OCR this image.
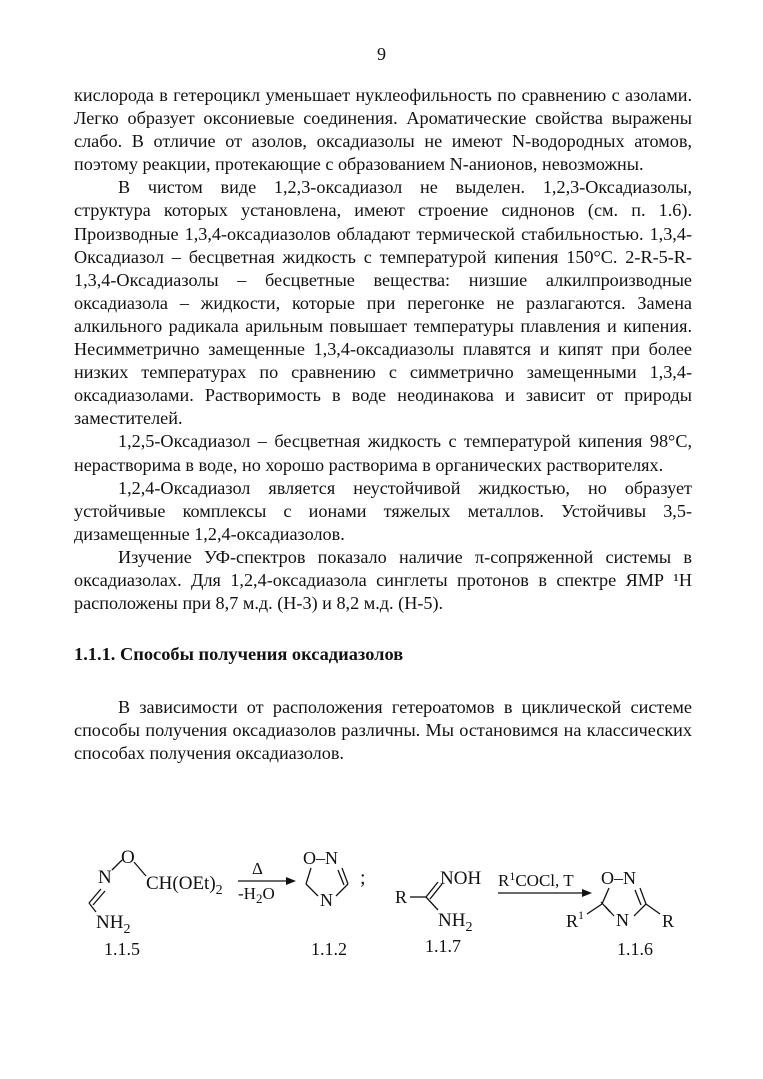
9

кислорода в гетероцикл уменьшает нуклеофильность по сравнению с азолами. Легко образует оксониевые соединения. Ароматические свойства выражены слабо. В отличие от азолов, оксадиазолы не имеют N-водородных атомов, поэтому реакции, протекающие с образованием N-анионов, невозможны.

В чистом виде 1,2,3-оксадиазол не выделен. 1,2,3-Оксадиазолы, структура которых установлена, имеют строение сиднонов (см. п. 1.6). Производные 1,3,4-оксадиазолов обладают термической стабильностью. 1,3,4-Оксадиазол – бесцветная жидкость с температурой кипения 150°С. 2-R-5-R-1,3,4-Оксадиазолы – бесцветные вещества: низшие алкилпроизводные оксадиазола – жидкости, которые при перегонке не разлагаются. Замена алкильного радикала арильным повышает температуры плавления и кипения. Несимметрично замещенные 1,3,4-оксадиазолы плавятся и кипят при более низких температурах по сравнению с симметрично замещенными 1,3,4-оксадиазолами. Растворимость в воде неодинакова и зависит от природы заместителей.

1,2,5-Оксадиазол – бесцветная жидкость с температурой кипения 98°С, нерастворима в воде, но хорошо растворима в органических растворителях.

1,2,4-Оксадиазол является неустойчивой жидкостью, но образует устойчивые комплексы с ионами тяжелых металлов. Устойчивы 3,5-дизамещенные 1,2,4-оксадиазолов.

Изучение УФ-спектров показало наличие π-сопряженной системы в оксадиазолах. Для 1,2,4-оксадиазола синглеты протонов в спектре ЯМР ¹Н расположены при 8,7 м.д. (Н-3) и 8,2 м.д. (Н-5).

1.1.1. Способы получения оксадиазолов

В зависимости от расположения гетероатомов в циклической системе способы получения оксадиазолов различны. Мы остановимся на классических способах получения оксадиазолов.

O
N $CH(OEt)_2$
$NH_2$
1.1.5
Δ
$-H_2O$
O–N
N
1.1.2
;
R
NOH
$NH_2$
1.1.7
$R^1COCl$, T O–N
N
$R^1$	R
1.1.6
